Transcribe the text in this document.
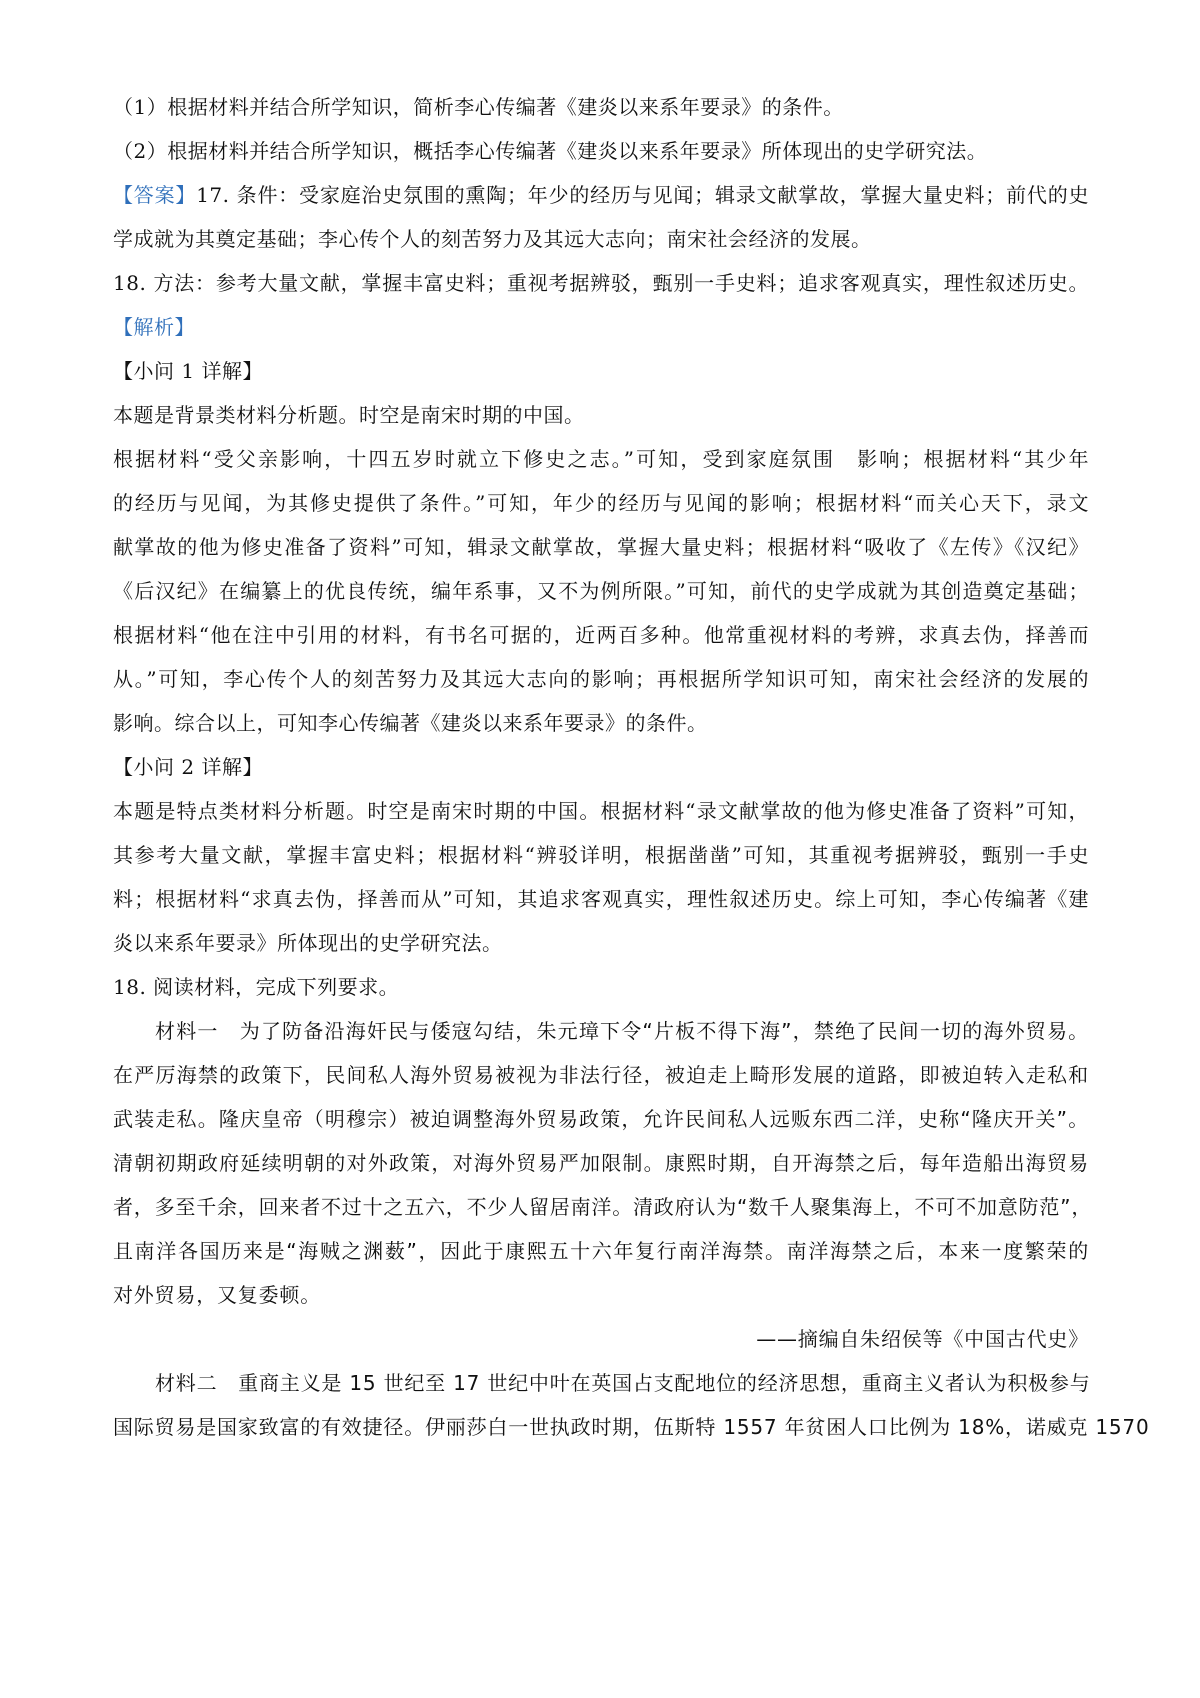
（1）根据材料并结合所学知识，简析李心传编著《建炎以来系年要录》的条件。
（2）根据材料并结合所学知识，概括李心传编著《建炎以来系年要录》所体现出的史学研究法。
【答案】17. 条件：受家庭治史氛围的熏陶；年少的经历与见闻；辑录文献掌故，掌握大量史料；前代的史
学成就为其奠定基础；李心传个人的刻苦努力及其远大志向；南宋社会经济的发展。
18. 方法：参考大量文献，掌握丰富史料；重视考据辨驳，甄别一手史料；追求客观真实，理性叙述历史。
【解析】
【小问 1 详解】
本题是背景类材料分析题。时空是南宋时期的中国。
根据材料“受父亲影响，十四五岁时就立下修史之志。”可知，受到家庭氛围　影响；根据材料“其少年
的经历与见闻，为其修史提供了条件。”可知，年少的经历与见闻的影响；根据材料“而关心天下，录文
献掌故的他为修史准备了资料”可知，辑录文献掌故，掌握大量史料；根据材料“吸收了《左传》《汉纪》
《后汉纪》在编纂上的优良传统，编年系事，又不为例所限。”可知，前代的史学成就为其创造奠定基础；
根据材料“他在注中引用的材料，有书名可据的，近两百多种。他常重视材料的考辨，求真去伪，择善而
从。”可知，李心传个人的刻苦努力及其远大志向的影响；再根据所学知识可知，南宋社会经济的发展的
影响。综合以上，可知李心传编著《建炎以来系年要录》的条件。
【小问 2 详解】
本题是特点类材料分析题。时空是南宋时期的中国。根据材料“录文献掌故的他为修史准备了资料”可知，
其参考大量文献，掌握丰富史料；根据材料“辨驳详明，根据凿凿”可知，其重视考据辨驳，甄别一手史
料；根据材料“求真去伪，择善而从”可知，其追求客观真实，理性叙述历史。综上可知，李心传编著《建
炎以来系年要录》所体现出的史学研究法。
18. 阅读材料，完成下列要求。
材料一　为了防备沿海奸民与倭寇勾结，朱元璋下令“片板不得下海”，禁绝了民间一切的海外贸易。
在严厉海禁的政策下，民间私人海外贸易被视为非法行径，被迫走上畸形发展的道路，即被迫转入走私和
武装走私。隆庆皇帝（明穆宗）被迫调整海外贸易政策，允许民间私人远贩东西二洋，史称“隆庆开关”。
清朝初期政府延续明朝的对外政策，对海外贸易严加限制。康熙时期，自开海禁之后，每年造船出海贸易
者，多至千余，回来者不过十之五六，不少人留居南洋。清政府认为“数千人聚集海上，不可不加意防范”，
且南洋各国历来是“海贼之渊薮”，因此于康熙五十六年复行南洋海禁。南洋海禁之后，本来一度繁荣的
对外贸易，又复委顿。
——摘编自朱绍侯等《中国古代史》
材料二　重商主义是 15 世纪至 17 世纪中叶在英国占支配地位的经济思想，重商主义者认为积极参与
国际贸易是国家致富的有效捷径。伊丽莎白一世执政时期，伍斯特 1557 年贫困人口比例为 18%，诺威克 1570
